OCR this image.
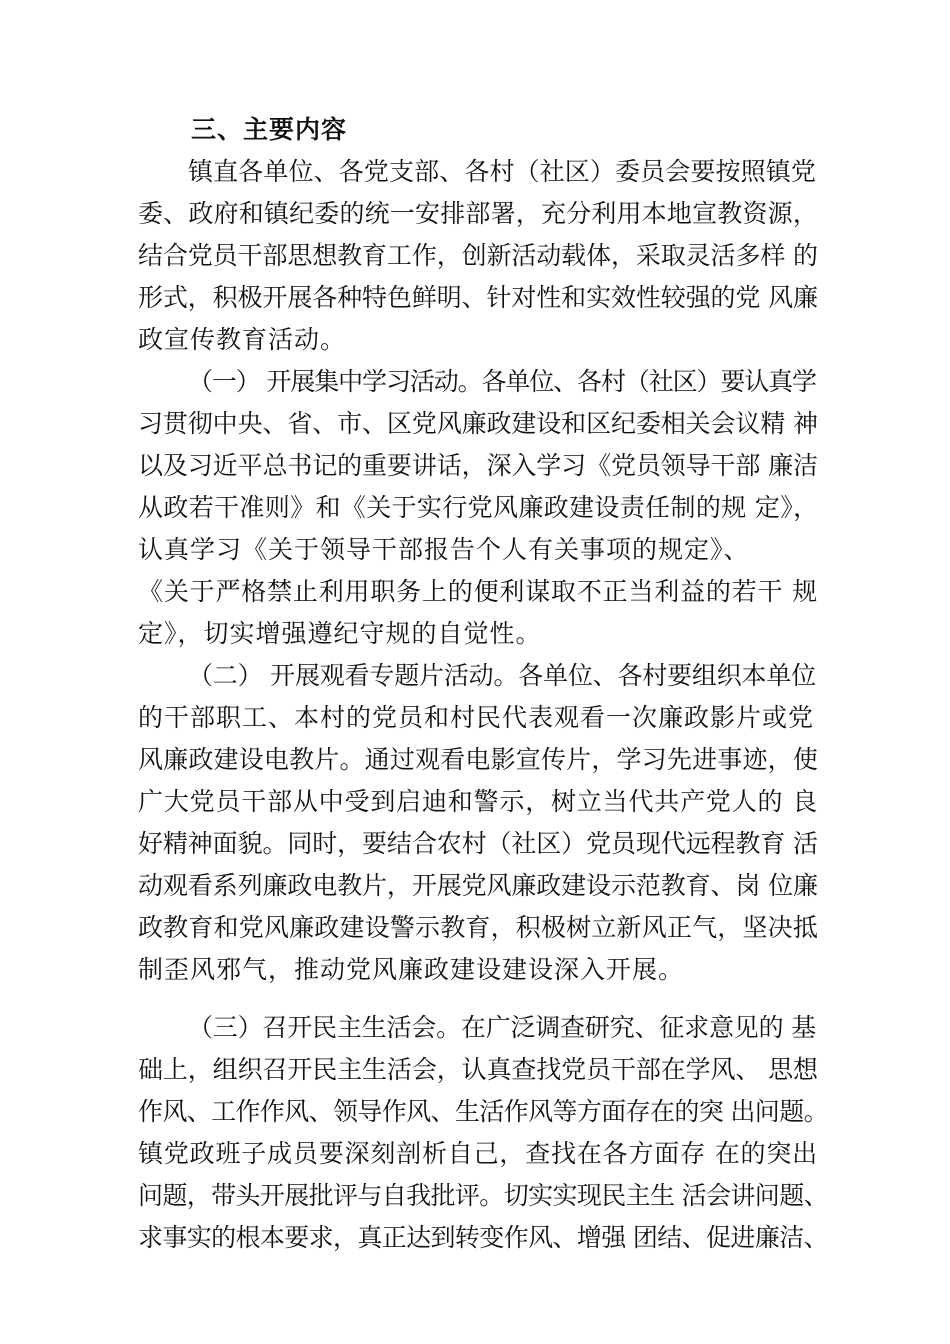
三、主要内容
镇直各单位、各党支部、各村（社区）委员会要按照镇党
委、政府和镇纪委的统一安排部署，充分利用本地宣教资源，
结合党员干部思想教育工作，创新活动载体，采取灵活多样 的
形式，积极开展各种特色鲜明、针对性和实效性较强的党 风廉
政宣传教育活动。
（一） 开展集中学习活动。各单位、各村（社区）要认真学
习贯彻中央、省、市、区党风廉政建设和区纪委相关会议精 神
以及习近平总书记的重要讲话，深入学习《党员领导干部 廉洁
从政若干准则》和《关于实行党风廉政建设责任制的规 定》，
认真学习《关于领导干部报告个人有关事项的规定》、
《关于严格禁止利用职务上的便利谋取不正当利益的若干 规
定》，切实增强遵纪守规的自觉性。
（二） 开展观看专题片活动。各单位、各村要组织本单位
的干部职工、本村的党员和村民代表观看一次廉政影片或党
风廉政建设电教片。通过观看电影宣传片，学习先进事迹，使
广大党员干部从中受到启迪和警示，树立当代共产党人的 良
好精神面貌。同时，要结合农村（社区）党员现代远程教育 活
动观看系列廉政电教片，开展党风廉政建设示范教育、岗 位廉
政教育和党风廉政建设警示教育，积极树立新风正气，坚决抵
制歪风邪气，推动党风廉政建设建设深入开展。
（三）召开民主生活会。在广泛调查研究、征求意见的 基
础上，组织召开民主生活会，认真查找党员干部在学风、 思想
作风、工作作风、领导作风、生活作风等方面存在的突 出问题。
镇党政班子成员要深刻剖析自己，查找在各方面存 在的突出
问题，带头开展批评与自我批评。切实实现民主生 活会讲问题、
求事实的根本要求，真正达到转变作风、增强 团结、促进廉洁、
